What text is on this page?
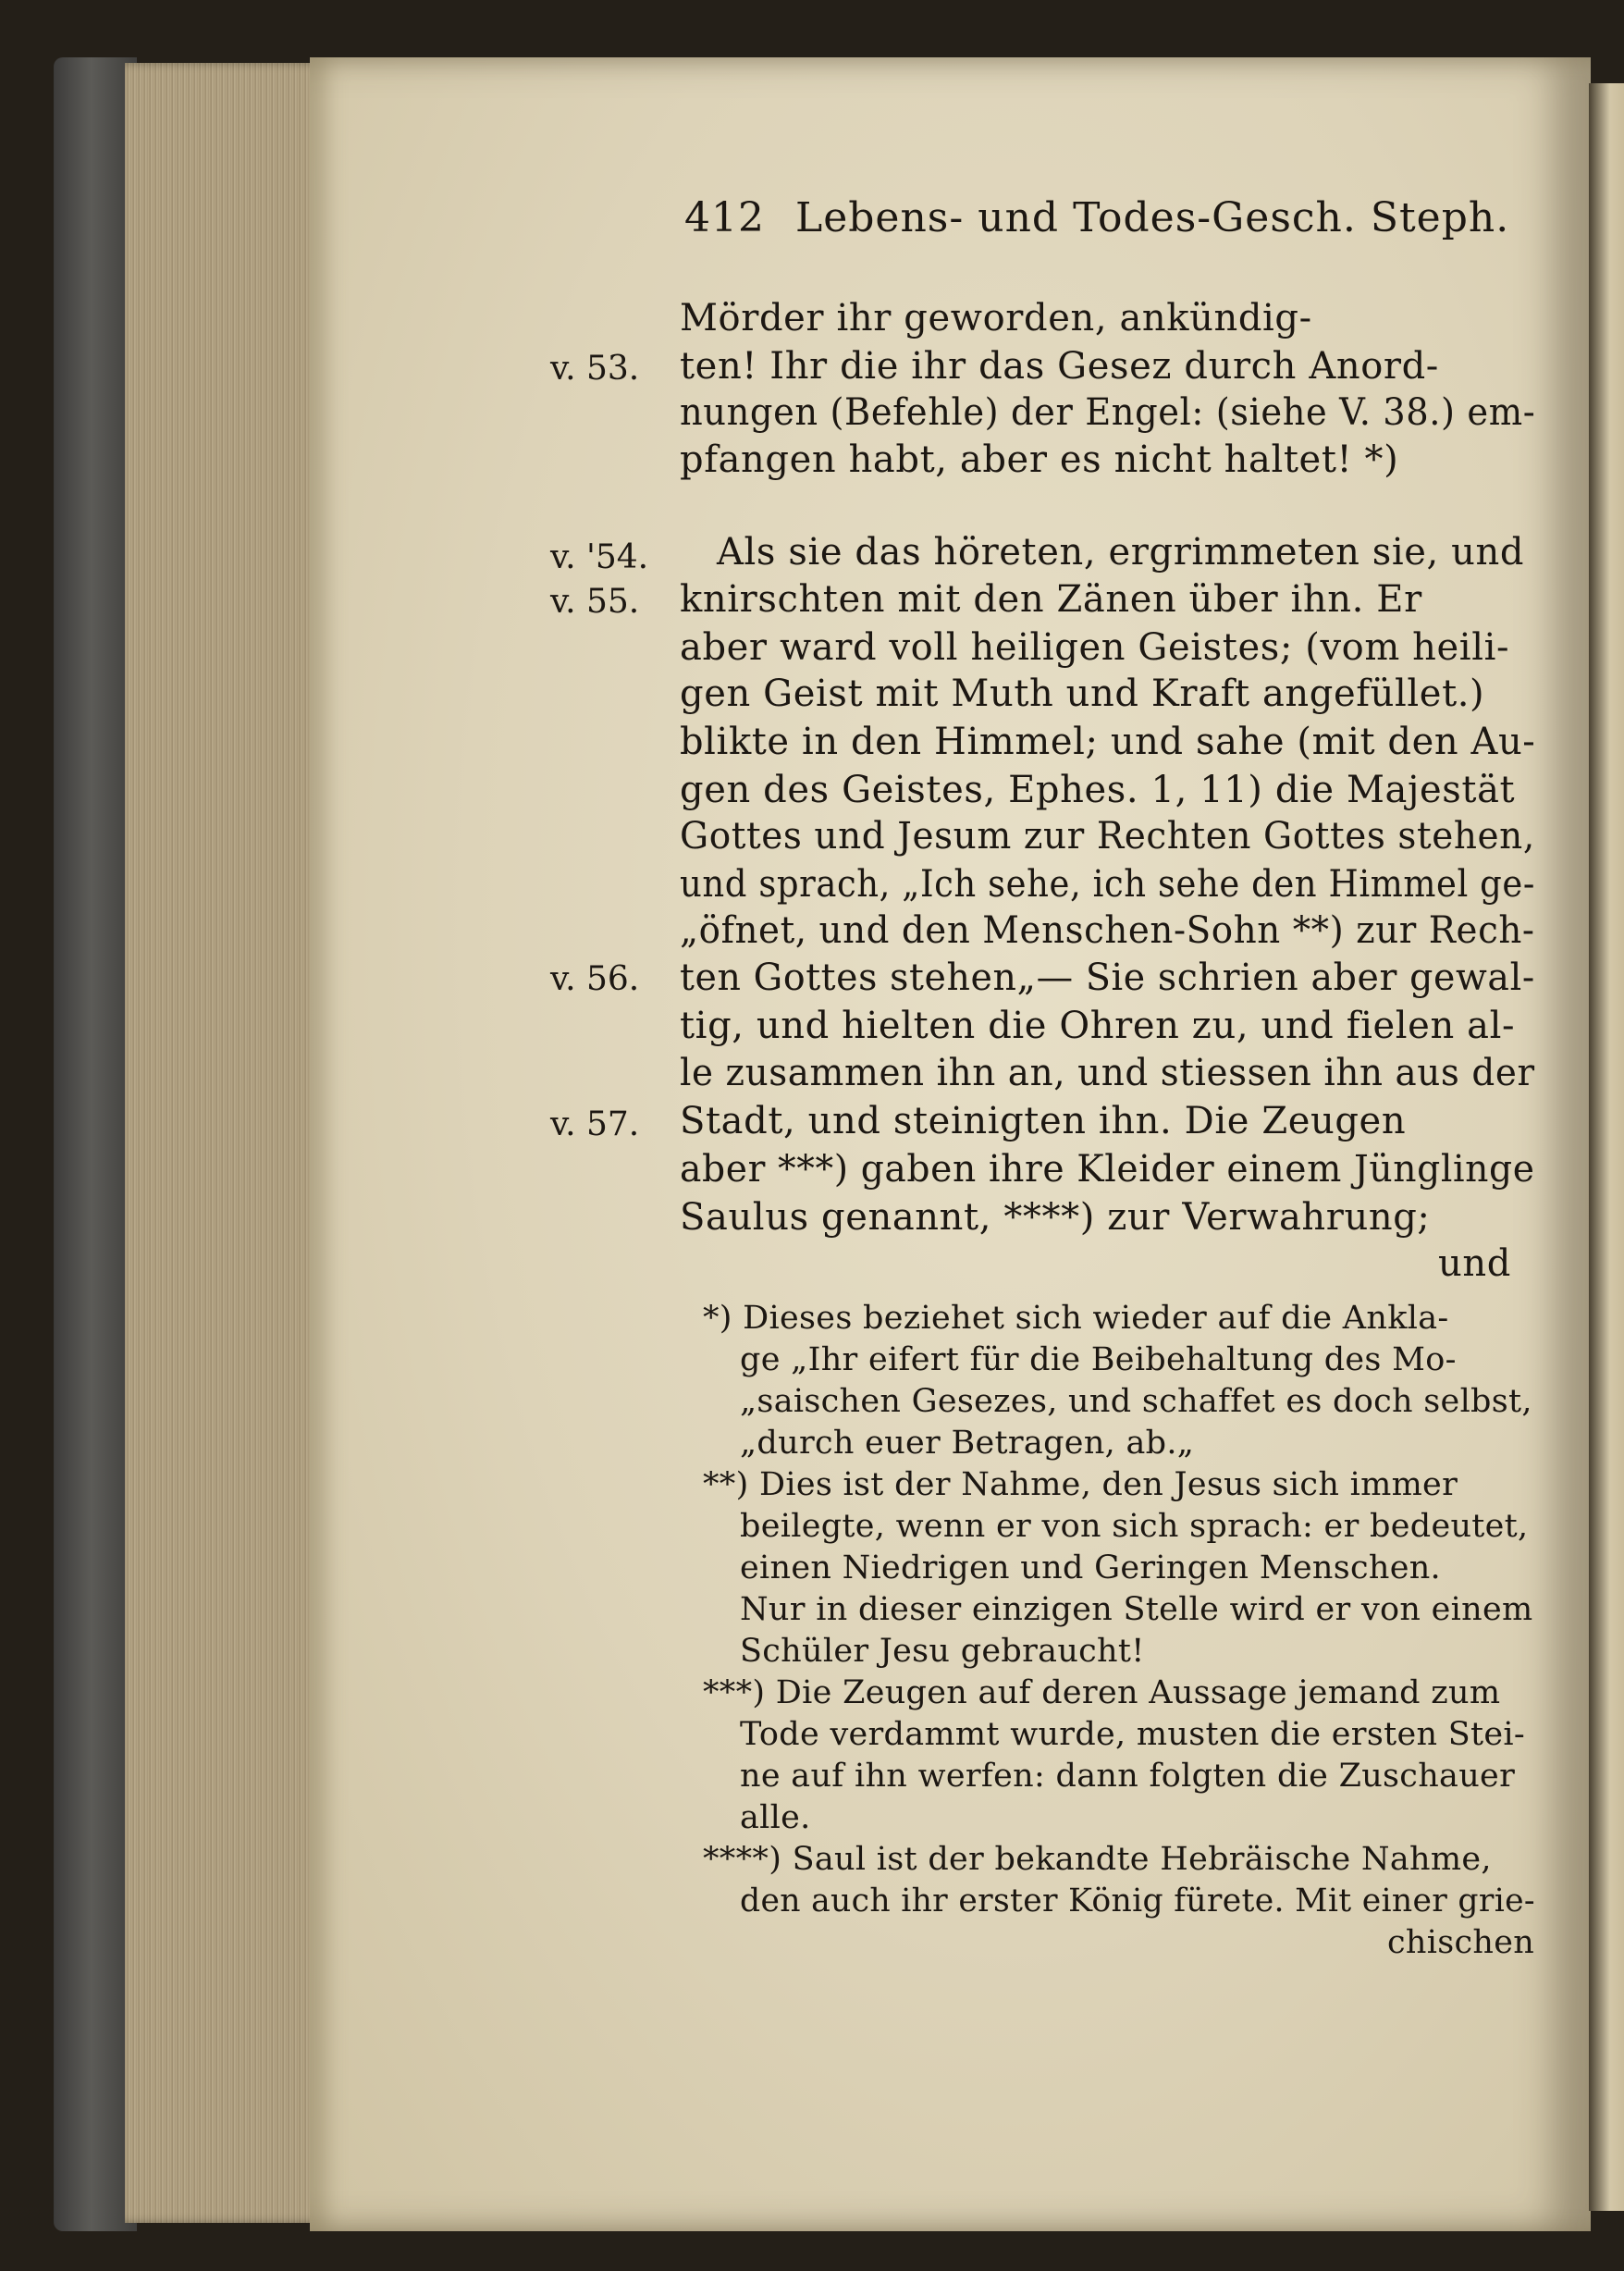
412 Lebens- und Todes-Gesch. Steph.
v. 53.
v. '54.
v. 55.
v. 56.
v. 57.
Mörder ihr geworden, ankündig-
ten! Ihr die ihr das Gesez durch Anord-
nungen (Befehle) der Engel: (siehe V. 38.) em-
pfangen habt, aber es nicht haltet! *)
Als sie das höreten, ergrimmeten sie, und
knirschten mit den Zänen über ihn. Er
aber ward voll heiligen Geistes; (vom heili-
gen Geist mit Muth und Kraft angefüllet.)
blikte in den Himmel; und sahe (mit den Au-
gen des Geistes, Ephes. 1, 11) die Majestät
Gottes und Jesum zur Rechten Gottes stehen,
und sprach, „Ich sehe, ich sehe den Himmel ge-
„öfnet, und den Menschen-Sohn **) zur Rech-
ten Gottes stehen„— Sie schrien aber gewal-
tig, und hielten die Ohren zu, und fielen al-
le zusammen ihn an, und stiessen ihn aus der
Stadt, und steinigten ihn. Die Zeugen
aber ***) gaben ihre Kleider einem Jünglinge
Saulus genannt, ****) zur Verwahrung;
und
*) Dieses beziehet sich wieder auf die Ankla-
ge „Ihr eifert für die Beibehaltung des Mo-
„saischen Gesezes, und schaffet es doch selbst,
„durch euer Betragen, ab.„
**) Dies ist der Nahme, den Jesus sich immer
beilegte, wenn er von sich sprach: er bedeutet,
einen Niedrigen und Geringen Menschen.
Nur in dieser einzigen Stelle wird er von einem
Schüler Jesu gebraucht!
***) Die Zeugen auf deren Aussage jemand zum
Tode verdammt wurde, musten die ersten Stei-
ne auf ihn werfen: dann folgten die Zuschauer
alle.
****) Saul ist der bekandte Hebräische Nahme,
den auch ihr erster König fürete. Mit einer grie-
chischen
